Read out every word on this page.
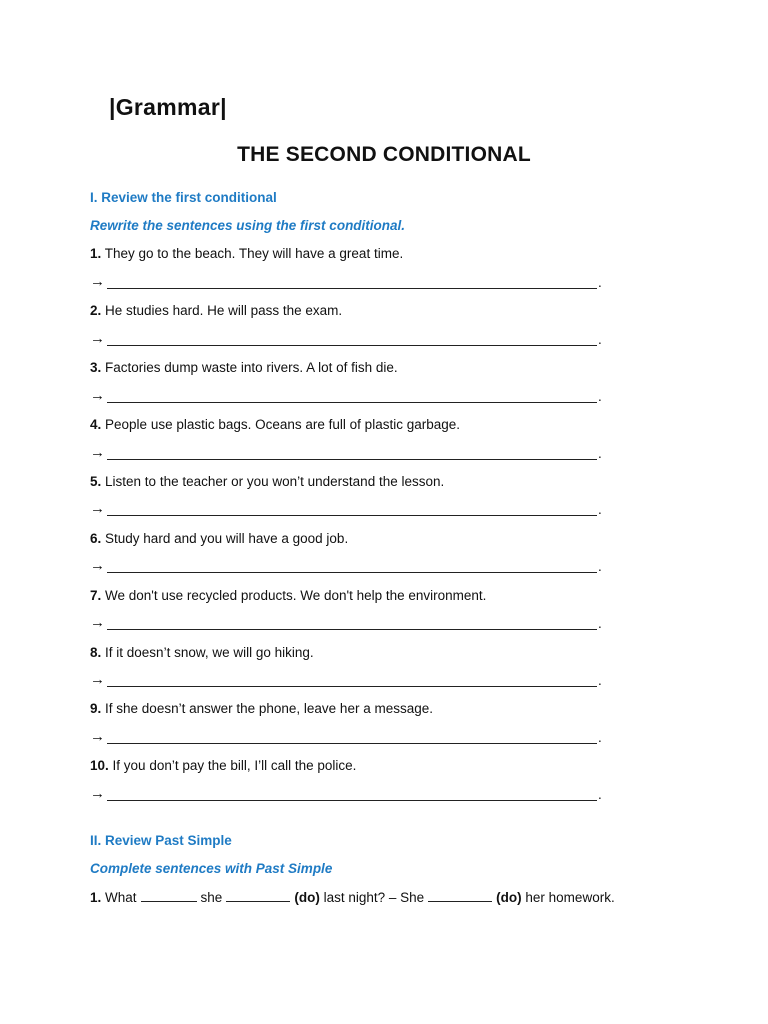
|Grammar|
THE SECOND CONDITIONAL
I. Review the first conditional
Rewrite the sentences using the first conditional.
1. They go to the beach. They will have a great time.
→	.
2. He studies hard. He will pass the exam.
→	.
3. Factories dump waste into rivers. A lot of fish die.
→	.
4. People use plastic bags. Oceans are full of plastic garbage.
→	.
5. Listen to the teacher or you won’t understand the lesson.
→	.
6. Study hard and you will have a good job.
→	.
7. We don't use recycled products. We don't help the environment.
→	.
8. If it doesn’t snow, we will go hiking.
→	.
9. If she doesn’t answer the phone, leave her a message.
→	.
10. If you don’t pay the bill, I’ll call the police.
→	.
II. Review Past Simple
Complete sentences with Past Simple
1. What	she	(do) last night? – She	(do) her homework.
